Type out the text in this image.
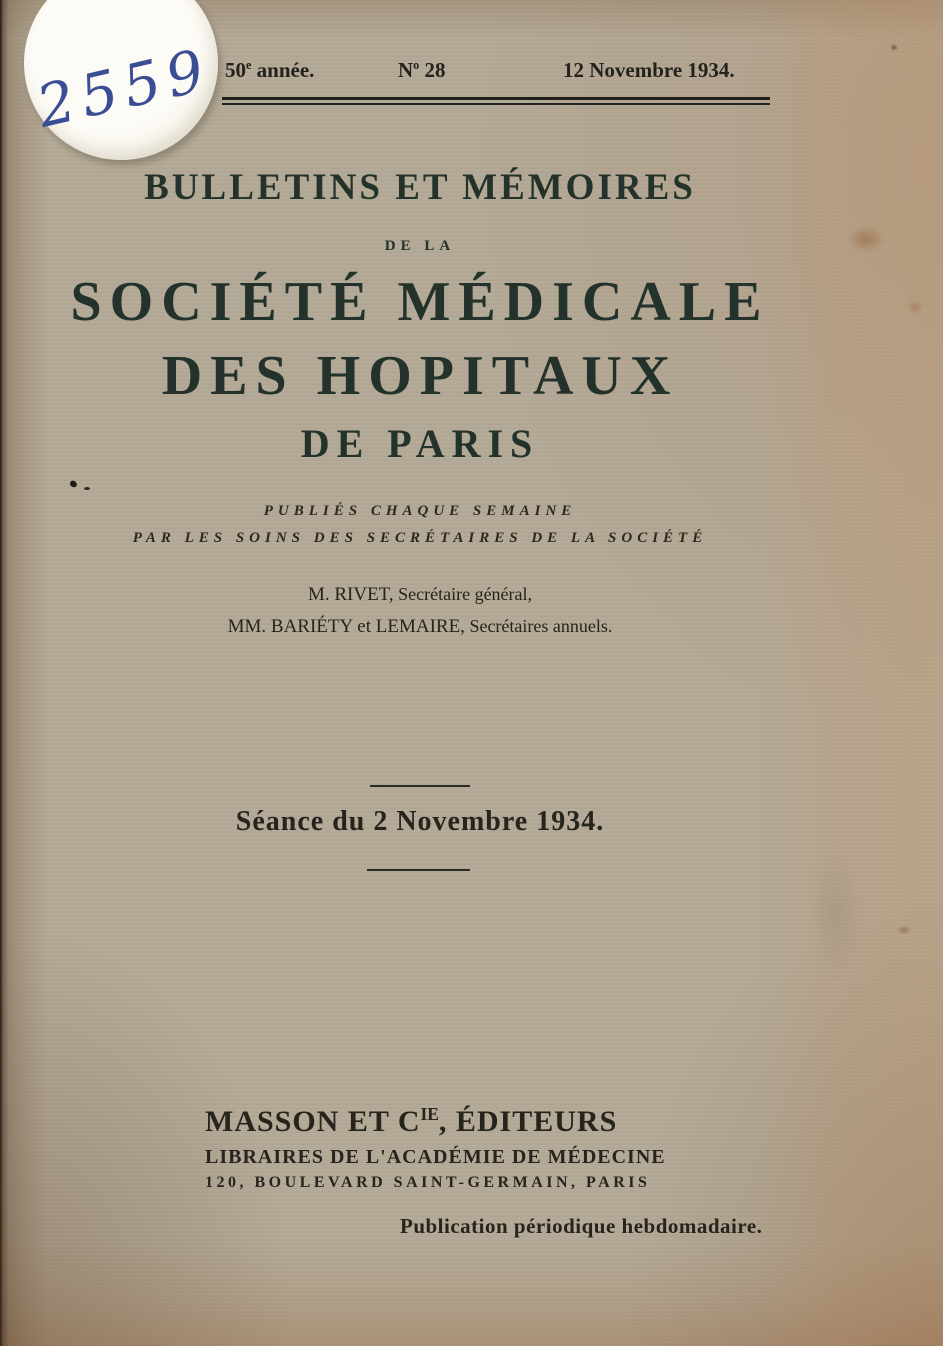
50e année.	$N^o$ 28	12 Novembre 1934.
BULLETINS ET MÉMOIRES
DE LA
SOCIÉTÉ MÉDICALE
DES HOPITAUX
DE PARIS
PUBLIÉS CHAQUE SEMAINE
PAR LES SOINS DES SECRÉTAIRES DE LA SOCIÉTÉ
M. RIVET, Secrétaire général,
MM. BARIÉTY et LEMAIRE, Secrétaires annuels.
Séance du 2 Novembre 1934.
MASSON ET $C^{IE}$, ÉDITEURS
LIBRAIRES DE L'ACADÉMIE DE MÉDECINE
120, BOULEVARD SAINT-GERMAIN, PARIS
Publication périodique hebdomadaire.
2559
